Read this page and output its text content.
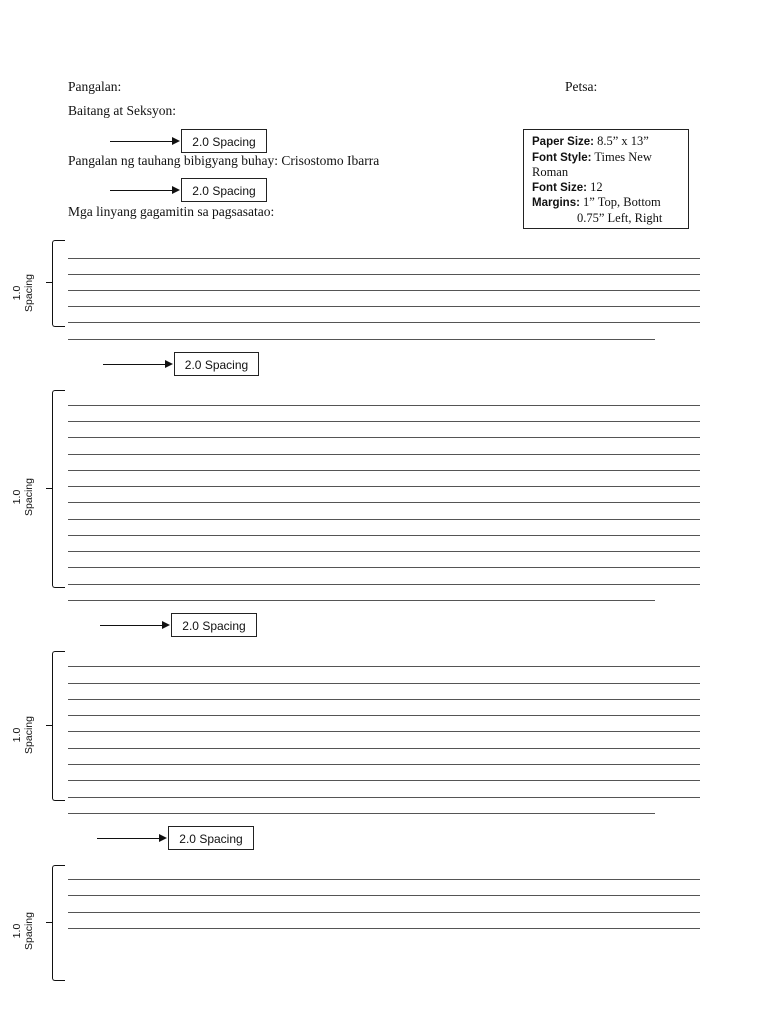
Pangalan:	Petsa:
Baitang at Seksyon:
Pangalan ng tauhang bibigyang buhay: Crisostomo Ibarra
Mga linyang gagamitin sa pagsasatao:
2.0 Spacing
2.0 Spacing
2.0 Spacing
2.0 Spacing
2.0 Spacing
Paper Size: 8.5” x 13”
Font Style: Times New
Roman
Font Size: 12
Margins: 1” Top, Bottom
0.75” Left, Right
1.0 Spacing
1.0 Spacing
1.0 Spacing
1.0 Spacing
